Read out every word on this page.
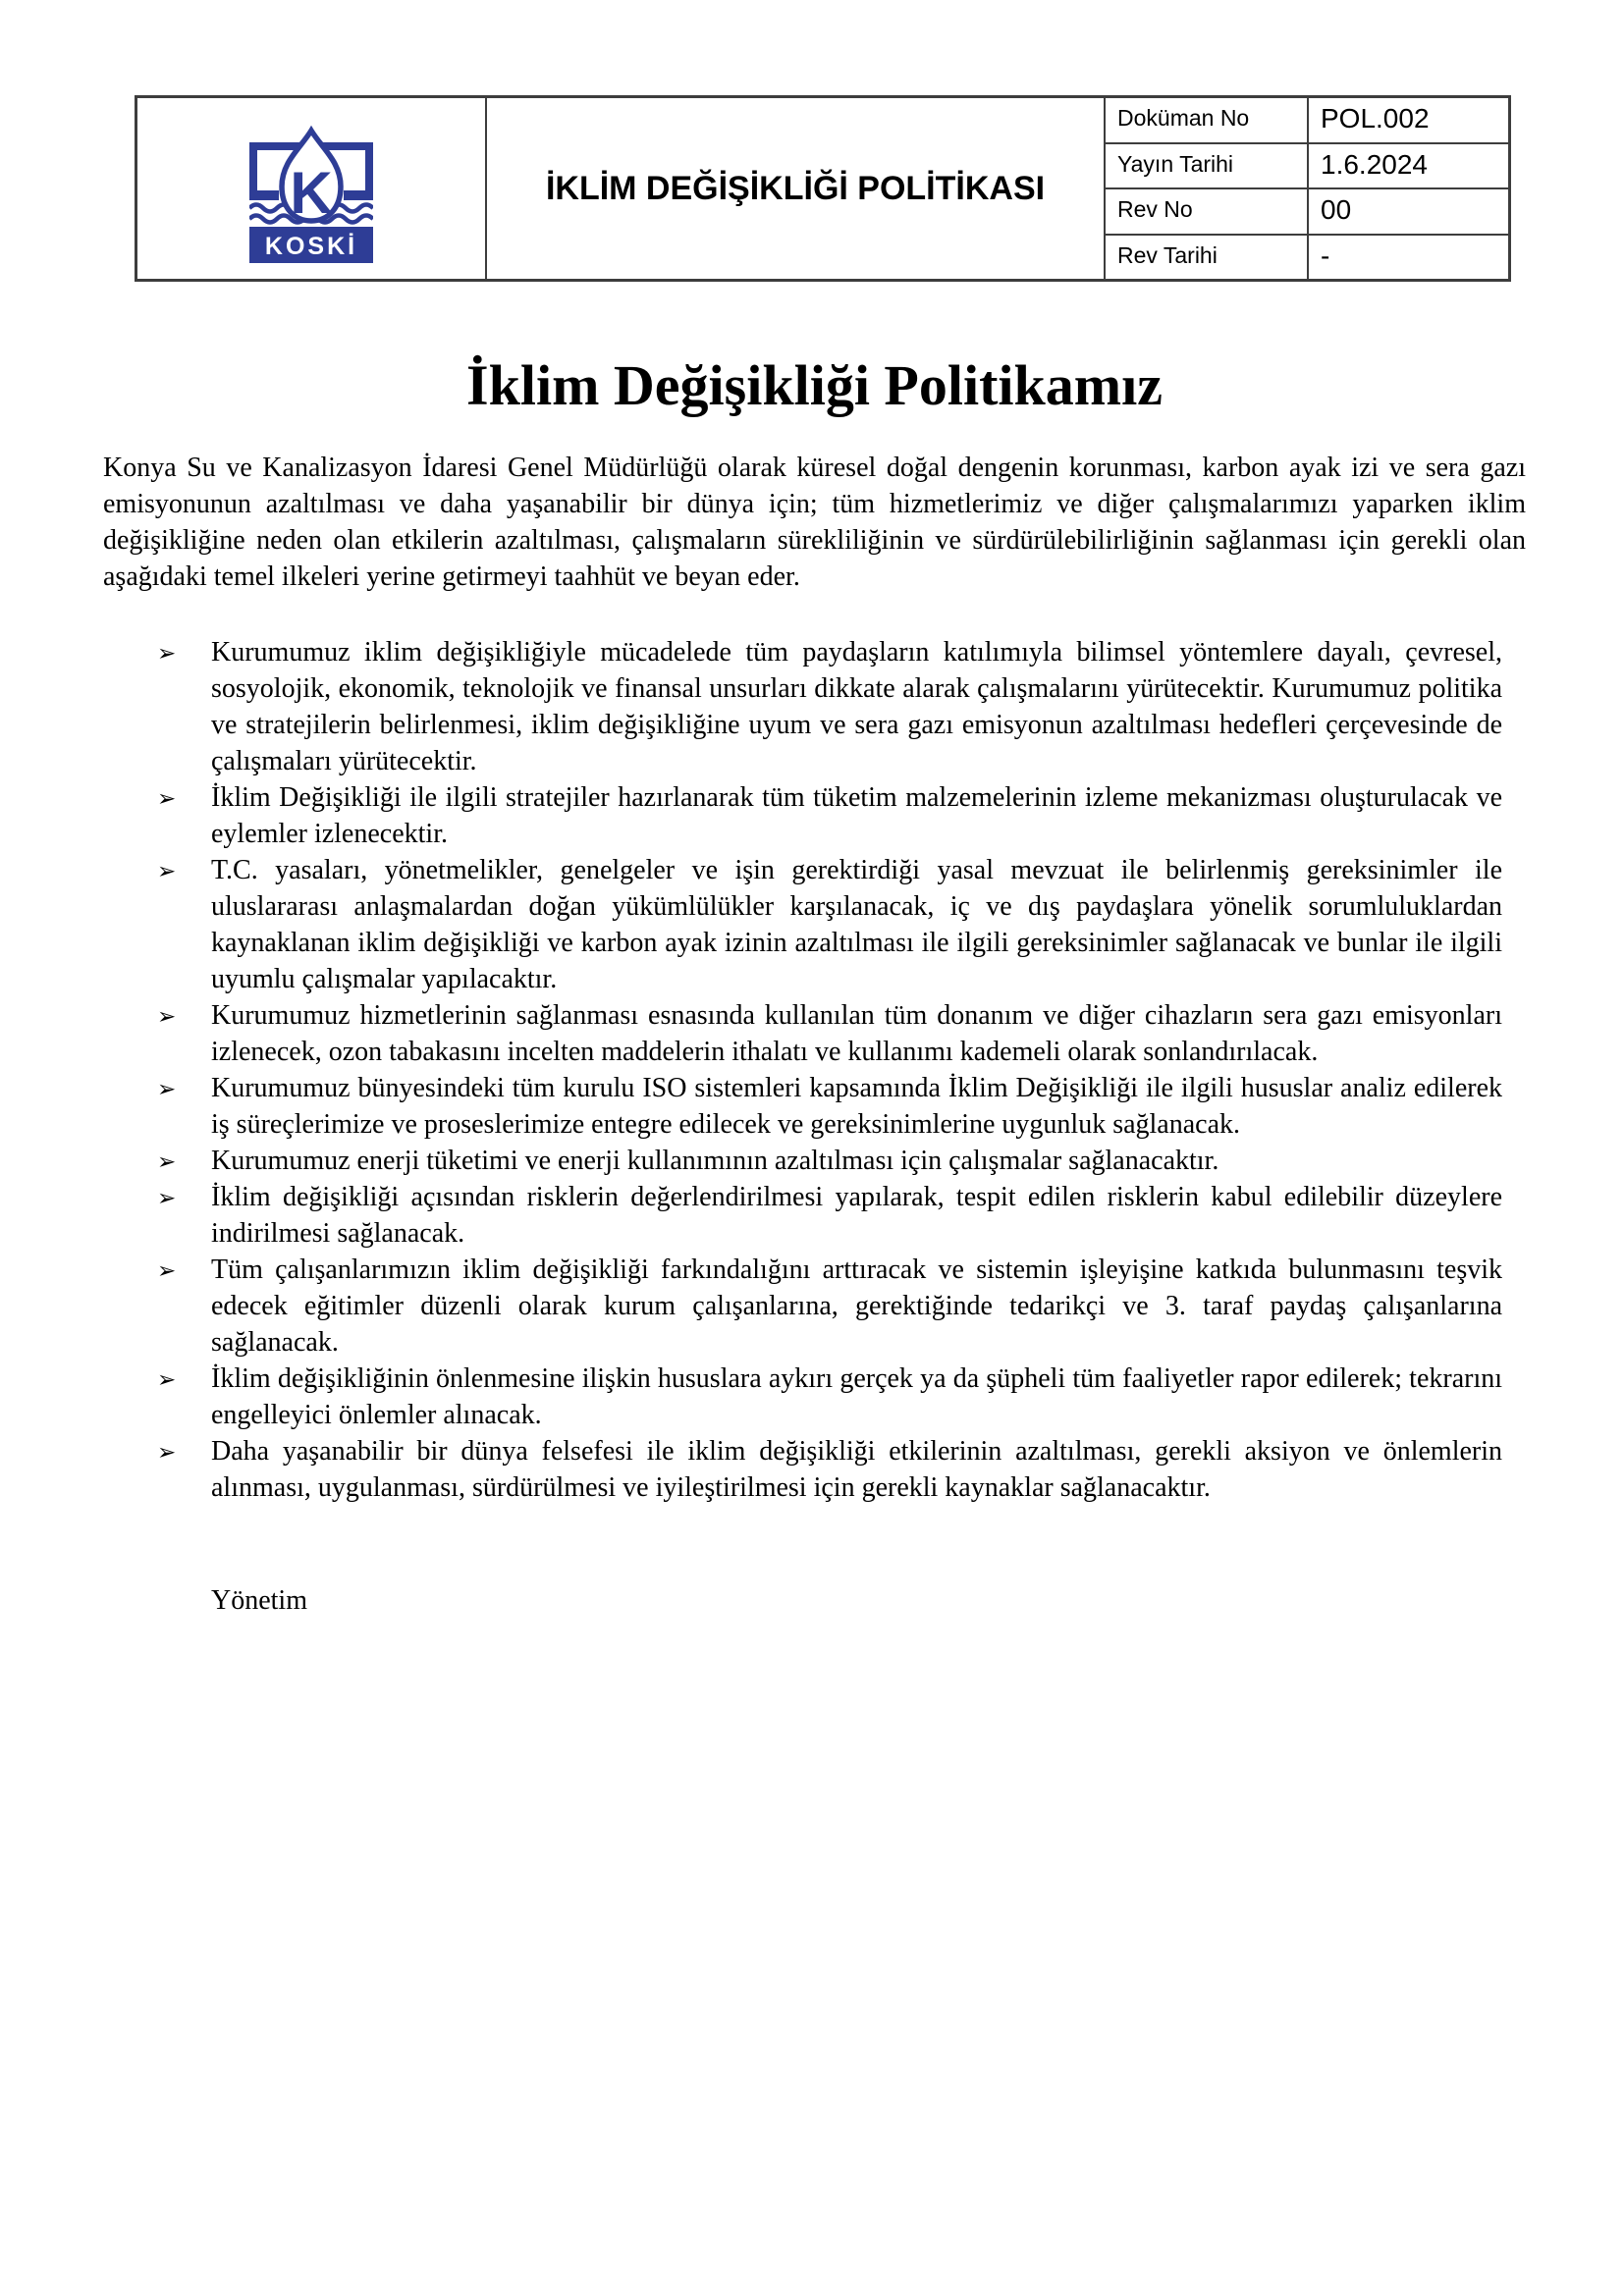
K
KOSKİ
İKLİM DEĞİŞİKLİĞİ POLİTİKASI
Doküman No	POL.002
Yayın Tarihi	1.6.2024
Rev No	00
Rev Tarihi	-
İklim Değişikliği Politikamız

Konya Su ve Kanalizasyon İdaresi Genel Müdürlüğü olarak küresel doğal dengenin korunması, karbon ayak izi ve sera gazı emisyonunun azaltılması ve daha yaşanabilir bir dünya için; tüm hizmetlerimiz ve diğer çalışmalarımızı yaparken iklim değişikliğine neden olan etkilerin azaltılması, çalışmaların sürekliliğinin ve sürdürülebilirliğinin sağlanması için gerekli olan aşağıdaki temel ilkeleri yerine getirmeyi taahhüt ve beyan eder.

➢ Kurumumuz iklim değişikliğiyle mücadelede tüm paydaşların katılımıyla bilimsel yöntemlere dayalı, çevresel, sosyolojik, ekonomik, teknolojik ve finansal unsurları dikkate alarak çalışmalarını yürütecektir. Kurumumuz politika ve stratejilerin belirlenmesi, iklim değişikliğine uyum ve sera gazı emisyonun azaltılması hedefleri çerçevesinde de çalışmaları yürütecektir.
➢ İklim Değişikliği ile ilgili stratejiler hazırlanarak tüm tüketim malzemelerinin izleme mekanizması oluşturulacak ve eylemler izlenecektir.
➢ T.C. yasaları, yönetmelikler, genelgeler ve işin gerektirdiği yasal mevzuat ile belirlenmiş gereksinimler ile uluslararası anlaşmalardan doğan yükümlülükler karşılanacak, iç ve dış paydaşlara yönelik sorumluluklardan kaynaklanan iklim değişikliği ve karbon ayak izinin azaltılması ile ilgili gereksinimler sağlanacak ve bunlar ile ilgili uyumlu çalışmalar yapılacaktır.
➢ Kurumumuz hizmetlerinin sağlanması esnasında kullanılan tüm donanım ve diğer cihazların sera gazı emisyonları izlenecek, ozon tabakasını incelten maddelerin ithalatı ve kullanımı kademeli olarak sonlandırılacak.
➢ Kurumumuz bünyesindeki tüm kurulu ISO sistemleri kapsamında İklim Değişikliği ile ilgili hususlar analiz edilerek iş süreçlerimize ve proseslerimize entegre edilecek ve gereksinimlerine uygunluk sağlanacak.
➢ Kurumumuz enerji tüketimi ve enerji kullanımının azaltılması için çalışmalar sağlanacaktır.
➢ İklim değişikliği açısından risklerin değerlendirilmesi yapılarak, tespit edilen risklerin kabul edilebilir düzeylere indirilmesi sağlanacak.
➢ Tüm çalışanlarımızın iklim değişikliği farkındalığını arttıracak ve sistemin işleyişine katkıda bulunmasını teşvik edecek eğitimler düzenli olarak kurum çalışanlarına, gerektiğinde tedarikçi ve 3. taraf paydaş çalışanlarına sağlanacak.
➢ İklim değişikliğinin önlenmesine ilişkin hususlara aykırı gerçek ya da şüpheli tüm faaliyetler rapor edilerek; tekrarını engelleyici önlemler alınacak.
➢ Daha yaşanabilir bir dünya felsefesi ile iklim değişikliği etkilerinin azaltılması, gerekli aksiyon ve önlemlerin alınması, uygulanması, sürdürülmesi ve iyileştirilmesi için gerekli kaynaklar sağlanacaktır.

Yönetim
